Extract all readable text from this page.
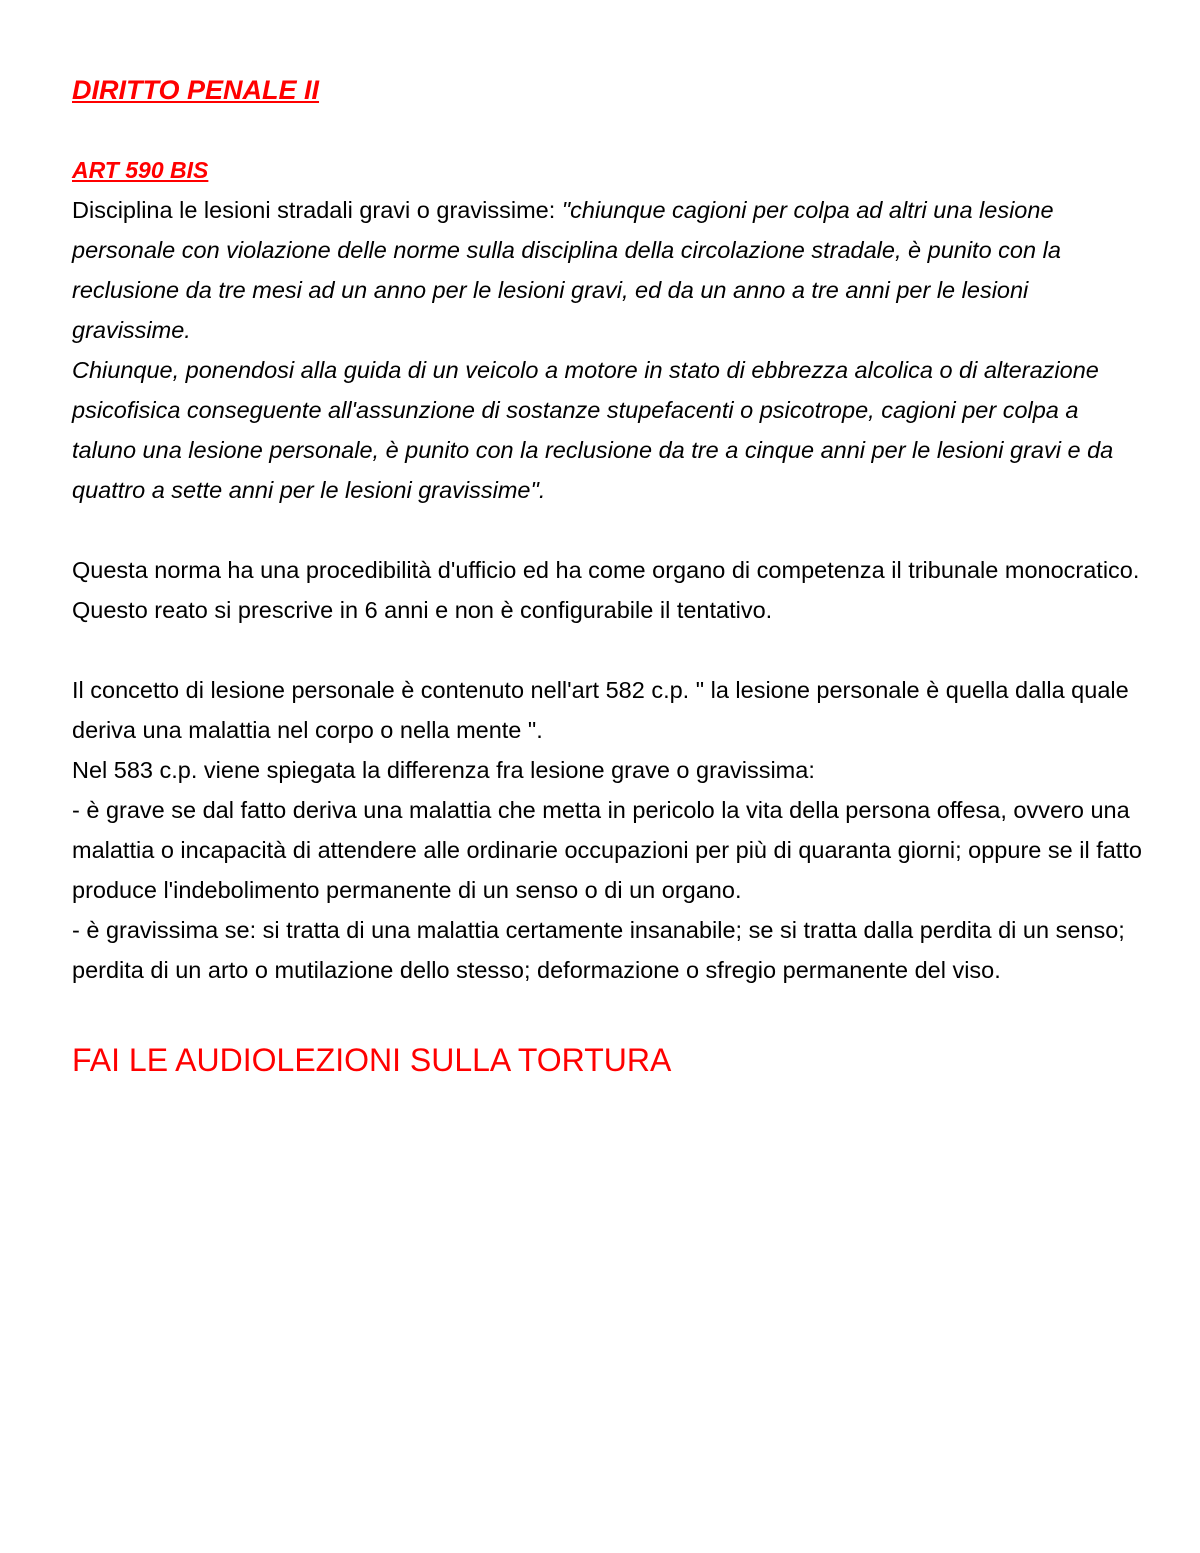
DIRITTO PENALE II
ART 590 BIS

Disciplina le lesioni stradali gravi o gravissime: "chiunque cagioni per colpa ad altri una lesione personale con violazione delle norme sulla disciplina della circolazione stradale, è punito con la reclusione da tre mesi ad un anno per le lesioni gravi, ed da un anno a tre anni per le lesioni gravissime.

Chiunque, ponendosi alla guida di un veicolo a motore in stato di ebbrezza alcolica o di alterazione psicofisica conseguente all'assunzione di sostanze stupefacenti o psicotrope, cagioni per colpa a taluno una lesione personale, è punito con la reclusione da tre a cinque anni per le lesioni gravi e da quattro a sette anni per le lesioni gravissime".

Questa norma ha una procedibilità d'ufficio ed ha come organo di competenza il tribunale monocratico.

Questo reato si prescrive in 6 anni e non è configurabile il tentativo.

Il concetto di lesione personale è contenuto nell'art 582 c.p. " la lesione personale è quella dalla quale deriva una malattia nel corpo o nella mente ".

Nel 583 c.p. viene spiegata la differenza fra lesione grave o gravissima:

- è grave se dal fatto deriva una malattia che metta in pericolo la vita della persona offesa, ovvero una malattia o incapacità di attendere alle ordinarie occupazioni per più di quaranta giorni; oppure se il fatto produce l'indebolimento permanente di un senso o di un organo.

- è gravissima se: si tratta di una malattia certamente insanabile; se si tratta dalla perdita di un senso; perdita di un arto o mutilazione dello stesso; deformazione o sfregio permanente del viso.

FAI LE AUDIOLEZIONI SULLA TORTURA
